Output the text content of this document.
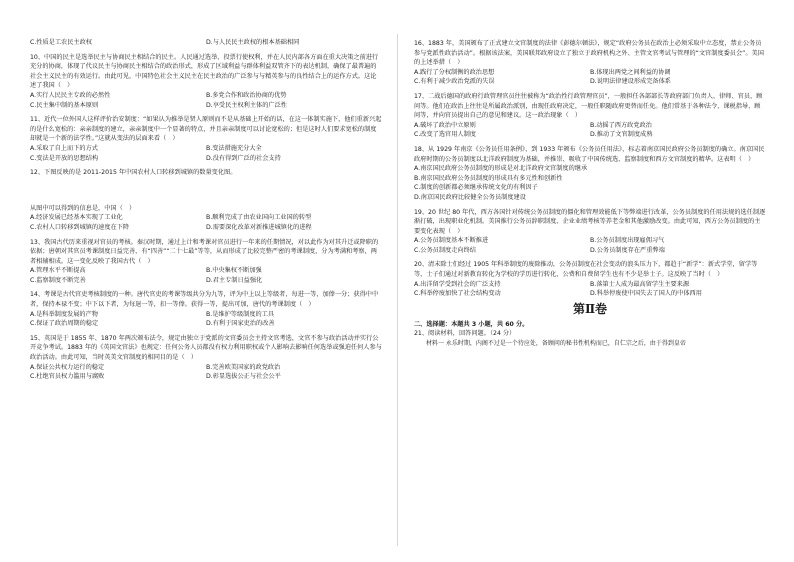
C.性质是工农民主政权	D.与人民民主政权的根本基础相同

10、中国的民主是选举民主与协商民主相结合的民主。人民通过选举、投票行使权利，并在人民内部各方面在重大决策之前进行充分的协商，体现了代议民主与协商民主相结合的政治形式，形成了区域利益与群体利益双管齐下的表达机制，确保了最普遍的社会主义民主的有效运行。由此可见，中国特色社会主义民主在民主政治的广泛参与与精英参与的良性结合上的运作方式。这论述了我国（　）

A.实行人民民主专政的必然性	B.多党合作和政治协商的优势
C.民主集中制的基本原则	D.享受民主权利主体的广泛性

11、近代一位外国人这样评价治安制度：“如果认为推举是贤人原则而不是从基础上开始的话，在这一体制实施下，他们重新兴起的是什么宽松的：亲亲制度的建立，亲亲制度中一个显著的特点，并且亲亲制度可以讨论宽松的；但是这时人们要求宽松的制度却就是一个新的法学性。”这就从变法的层面来看（　）

A.采取了自上而下的方式	B.变法措施充分大全
C.变法是开放的思想结构	D.没有得到广泛的社会支持

12、下图反映的是 2011-2015 年中国农村人口转移到城镇的数量变化图。

从图中可以得到的信息是，中国（　）

A.经济发展已经基本实现了工业化	B.顺利完成了由农业国向工业国的转型
C.农村人口转移到城镇的速度在下降	D.需要深化改革对新推进城镇化的进程

13、我国古代历来重视对官员的考核。秦汉时期，通过上计和考课对官员进行一年来的任期情况，对以此作为对其升迁或降职的依据；唐朝对其官员考课制度日益完善，有“四善”“二十七最”等等，从而形成了比较完整严密的考课制度，分为考满和考察，两者相辅相成。这一变化反映了我国古代（　）

A.管理水平不断提高	B.中央集权不断加强
C.监察制度不断完善	D.君主专制日益强化

14、考课是古代官吏考核制度的一种。唐代官吏的考课等级共分为九等，评为中上以上等级者，每进一等，加俸一分；获得中中者，保持本禄不变；中下以下者，为每退一等，扣一等俸。获得一等，提出可加，唐代的考课制度（　）

A.是科举制度发展的产物	B.是维护等级制度的工具
C.保证了政治周期的稳定	D.有利于国家吏治的改善

15、英国是于 1855 年、1870 年两次颁布法令，规定由独立于党派的文官委员会主持文官考选，文官不参与政治活动并实行公开竞争考试。1883 年的《英国文官法》也规定：任何公务人员都没有权力利用职权或个人影响去影响任何选举或强迫任何人参与政治活动。由此可知，当时英美文官制度的相同目的是（　）

A.保证公共权力运行的稳定	B.完善欧美国家的政党政治
C.杜绝官员权力滥用与腐败	D.彰显选拔公正与社会公平

16、1883 年，美国颁布了正式建立文官制度的法律《彭德尔顿法》，规定“政府公务员在政治上必须采取中立态度，禁止公务员参与党派性政治活动”。根据该法案，美国联邦政府设立了独立于政府机构之外、主管文官考试与管理的“文官制度委员会”。美国的上述举措（　）

A.践行了分权制衡的政治思想	B.体现出两党之间利益的协调
C.有利于减少政治党派的失误	D.说明法律建设形成完备体系

17、二战后德国的政府行政管理官员往往被称为“政治性行政管理官员”，一般担任各部部长等政府部门负责人、律师、官员、顾问等。他们在政治上往往是所属政治派别，由现任政府决定，一般任职随政府更替而任免。他们常基于各种法令、课税指导、顾问等，并向官员提出自己的意见和建议。这一政治现象（　）

A.破坏了政治中立原则	B.动摇了西方政党政治
C.改变了选官用人制度	D.推动了文官制度成熟

18、从 1929 年南京《公务员任用条例》，到 1933 年颁布《公务员任用法》，标志着南京国民政府公务员制度的确立。南京国民政府时期的公务员制度以北洋政府制度为基础，并推崇、吸收了中国传统选、监察制度和西方文官制度的精华。这表明（　）

A.南京国民政府公务员制度的形成是对北洋政府文官制度的继承

B.南京国民政府公务员制度的形成具有多元性和创新性

C.制度的创新都必须继承传统文化的有利因子

D.南京国民政府比较健全公务员制度建设

19、20 世纪 80 年代，西方各国针对传统公务员制度的僵化和管理效能低下等弊端进行改革，公务员制度的任用法规的选任制逐渐打破，出现职业化机制。美国推行公务员辞职制度、企业业绩考核等养老金和其他激励改变。由此可知，西方公务员制度的主要变化表现（　）

A.公务员制度基本不断推进	B.公务员制度出现雇佣习气
C.公务员制度走向终结	D.公务员制度存在严重弊端

20、清末除士们经过 1905 年科举制度的废除推动，公务员制度在社会变动的浪头压力下，都趋于“新学”：新式学堂，留学等等，士子们通过对新教育转化为学校的学历进行转化，公费和自费留学生也有不少是举士子。这反映了当时（　）

A.出洋留学受到社会的广泛支持	B.落第士人成为最高留学生主要来源
C.科举停废加快了社会结构变动	D.科举停废使中国失去了国人的中体西用
第Ⅱ卷

二、选择题：本题共 3 小题，共 60 分。

21、阅读材料，回答问题。（24 分）

材料一 永乐时期，内阁不过是一个待应处，备顾问的秘书性机构而已，自仁宗之后，由于得到皇帝
